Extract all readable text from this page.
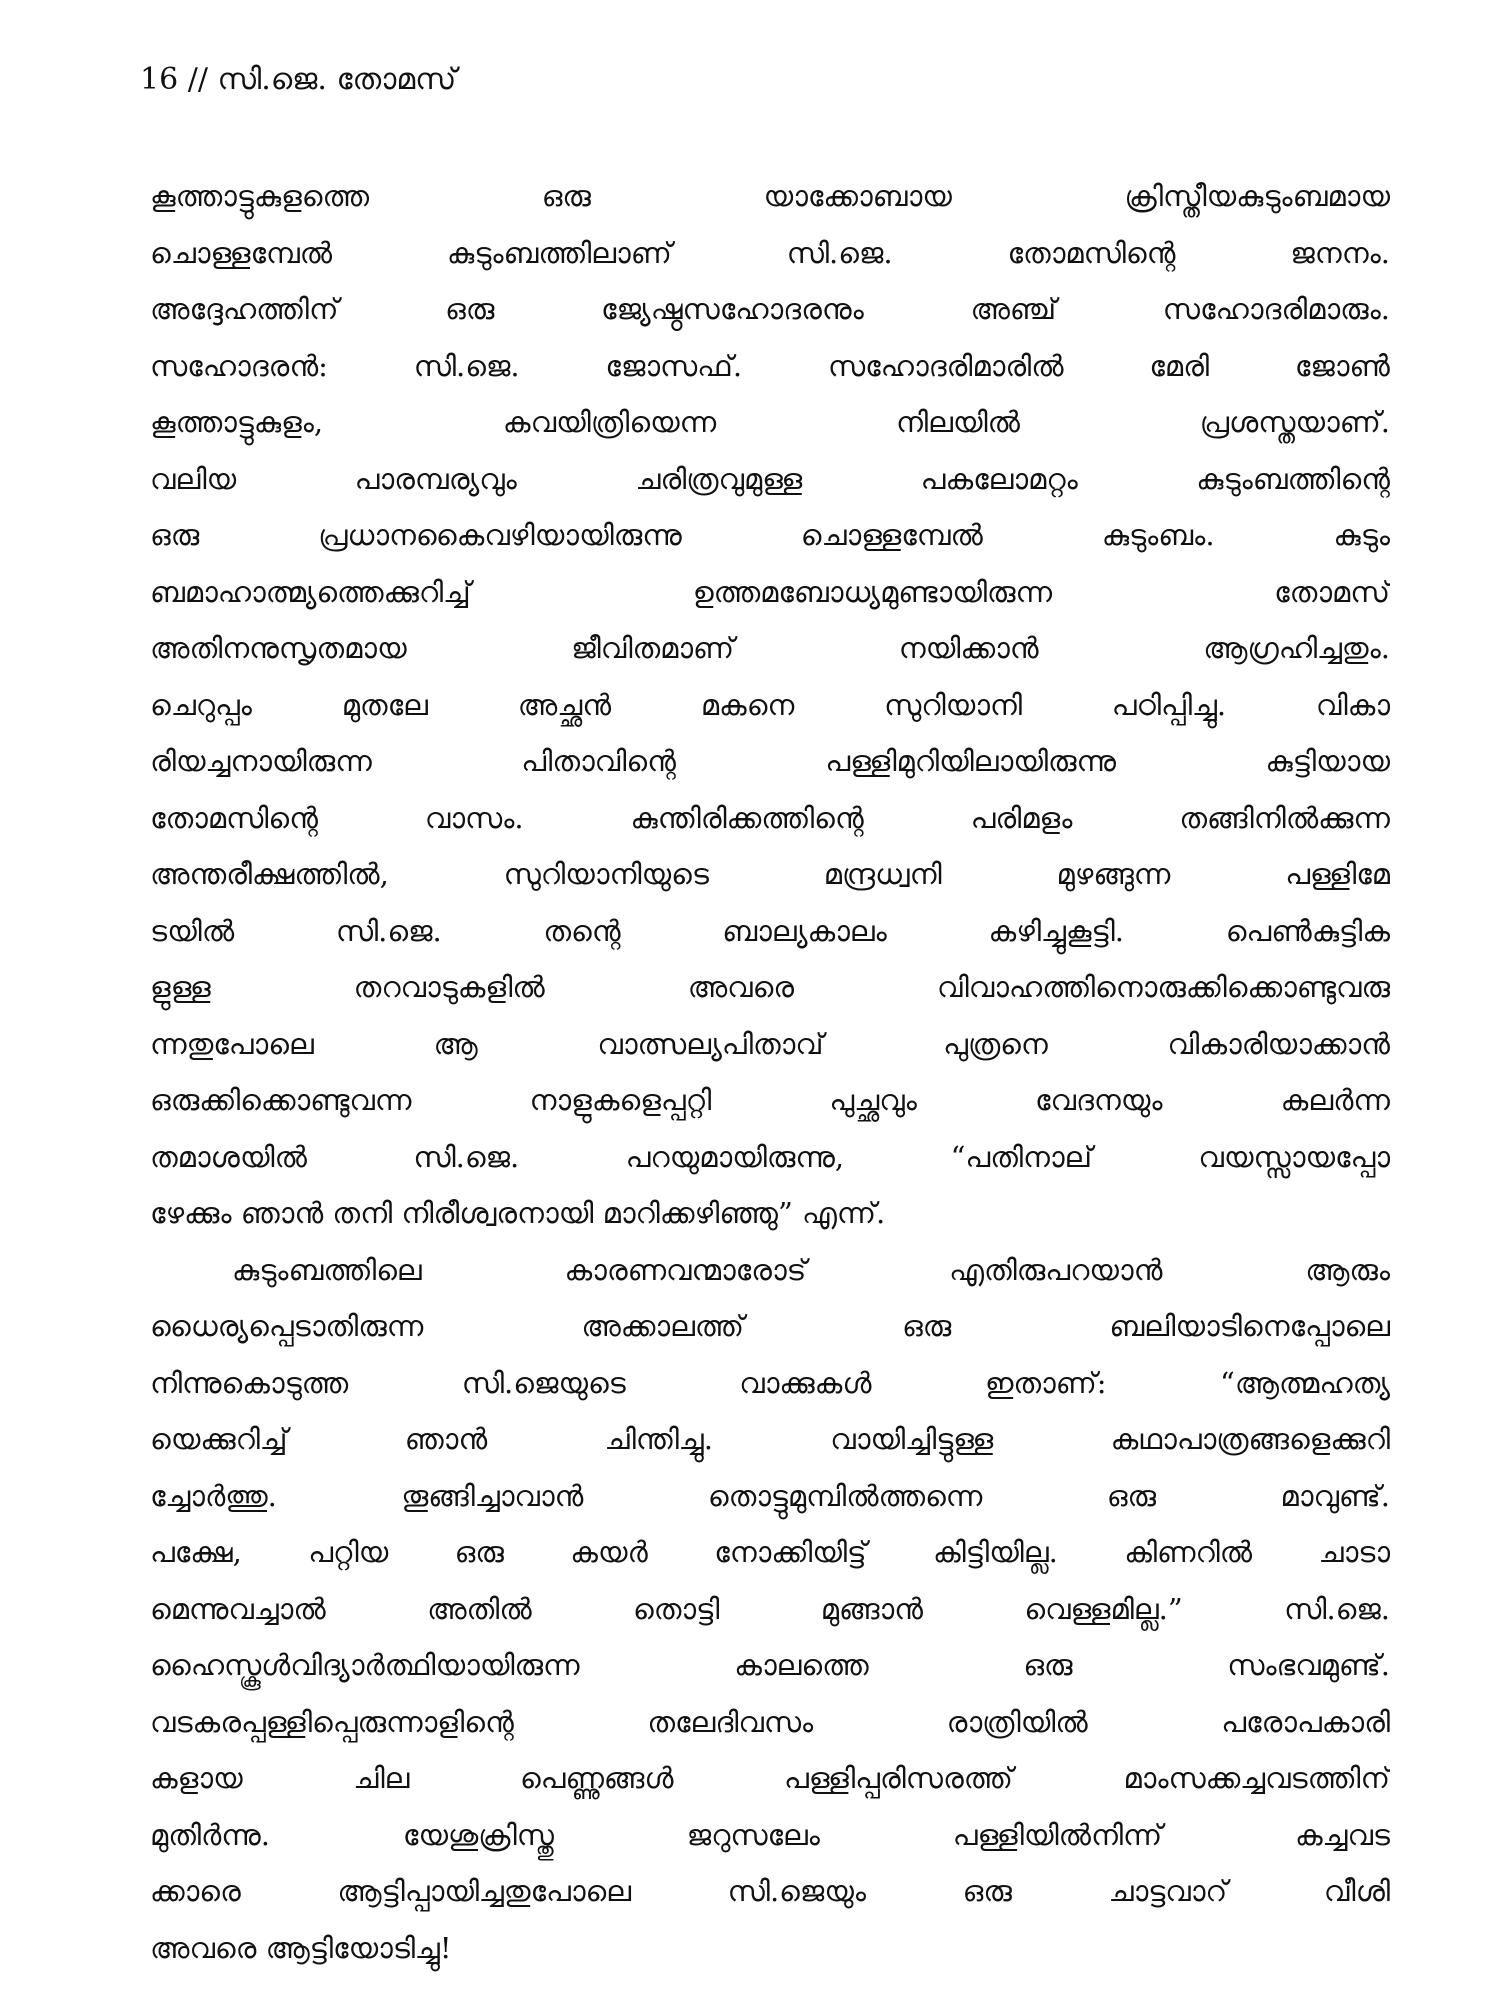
16 // സി.ജെ. തോമസ്
കൂത്താട്ടുകുളത്തെ ഒരു യാക്കോബായ ക്രിസ്തീയകുടുംബമായ
ചൊള്ളമ്പേൽ കുടുംബത്തിലാണ് സി.ജെ. തോമസിന്റെ ജനനം.
അദ്ദേഹത്തിന് ഒരു ജ്യേഷ്ഠസഹോദരനും അഞ്ച് സഹോദരിമാരും.
സഹോദരൻ: സി.ജെ. ജോസഫ്. സഹോദരിമാരിൽ മേരി ജോൺ
കൂത്താട്ടുകുളം, കവയിത്രിയെന്ന നിലയിൽ പ്രശസ്തയാണ്.
വലിയ പാരമ്പര്യവും ചരിത്രവുമുള്ള പകലോമറ്റം കുടുംബത്തിന്റെ
ഒരു പ്രധാനകൈവഴിയായിരുന്നു ചൊള്ളമ്പേൽ കുടുംബം. കുടും
ബമാഹാത്മ്യത്തെക്കുറിച്ച് ഉത്തമബോധ്യമുണ്ടായിരുന്ന തോമസ്
അതിനനുസൃതമായ ജീവിതമാണ് നയിക്കാൻ ആഗ്രഹിച്ചതും.
ചെറുപ്പം മുതലേ അച്ഛൻ മകനെ സുറിയാനി പഠിപ്പിച്ചു. വികാ
രിയച്ചനായിരുന്ന പിതാവിന്റെ പള്ളിമുറിയിലായിരുന്നു കുട്ടിയായ
തോമസിന്റെ വാസം. കുന്തിരിക്കത്തിന്റെ പരിമളം തങ്ങിനിൽക്കുന്ന
അന്തരീക്ഷത്തിൽ, സുറിയാനിയുടെ മന്ദ്രധ്വനി മുഴങ്ങുന്ന പള്ളിമേ
ടയിൽ സി.ജെ. തന്റെ ബാല്യകാലം കഴിച്ചുകൂട്ടി. പെൺകുട്ടിക
ളുള്ള തറവാടുകളിൽ അവരെ വിവാഹത്തിനൊരുക്കിക്കൊണ്ടുവരു
ന്നതുപോലെ ആ വാത്സല്യപിതാവ് പുത്രനെ വികാരിയാക്കാൻ
ഒരുക്കിക്കൊണ്ടുവന്ന നാളുകളെപ്പറ്റി പുച്ഛവും വേദനയും കലർന്ന
തമാശയിൽ സി.ജെ. പറയുമായിരുന്നു, “പതിനാല് വയസ്സായപ്പോ
ഴേക്കും ഞാൻ തനി നിരീശ്വരനായി മാറിക്കഴിഞ്ഞു” എന്ന്.
കുടുംബത്തിലെ കാരണവന്മാരോട് എതിരുപറയാൻ ആരും
ധൈര്യപ്പെടാതിരുന്ന അക്കാലത്ത് ഒരു ബലിയാടിനെപ്പോലെ
നിന്നുകൊടുത്ത സി.ജെയുടെ വാക്കുകൾ ഇതാണ്: “ആത്മഹത്യ
യെക്കുറിച്ച് ഞാൻ ചിന്തിച്ചു. വായിച്ചിട്ടുള്ള കഥാപാത്രങ്ങളെക്കുറി
ച്ചോർത്തു. തൂങ്ങിച്ചാവാൻ തൊട്ടുമുമ്പിൽത്തന്നെ ഒരു മാവുണ്ട്.
പക്ഷേ, പറ്റിയ ഒരു കയർ നോക്കിയിട്ട് കിട്ടിയില്ല. കിണറിൽ ചാടാ
മെന്നുവച്ചാൽ അതിൽ തൊട്ടി മുങ്ങാൻ വെള്ളമില്ല.” സി.ജെ.
ഹൈസ്കൂൾവിദ്യാർത്ഥിയായിരുന്ന കാലത്തെ ഒരു സംഭവമുണ്ട്.
വടകരപ്പള്ളിപ്പെരുന്നാളിന്റെ തലേദിവസം രാത്രിയിൽ പരോപകാരി
കളായ ചില പെണ്ണുങ്ങൾ പള്ളിപ്പരിസരത്ത് മാംസക്കച്ചവടത്തിന്
മുതിർന്നു. യേശുക്രിസ്തു ജറുസലേം പള്ളിയിൽനിന്ന് കച്ചവട
ക്കാരെ ആട്ടിപ്പായിച്ചതുപോലെ സി.ജെയും ഒരു ചാട്ടവാറ് വീശി
അവരെ ആട്ടിയോടിച്ചു!
